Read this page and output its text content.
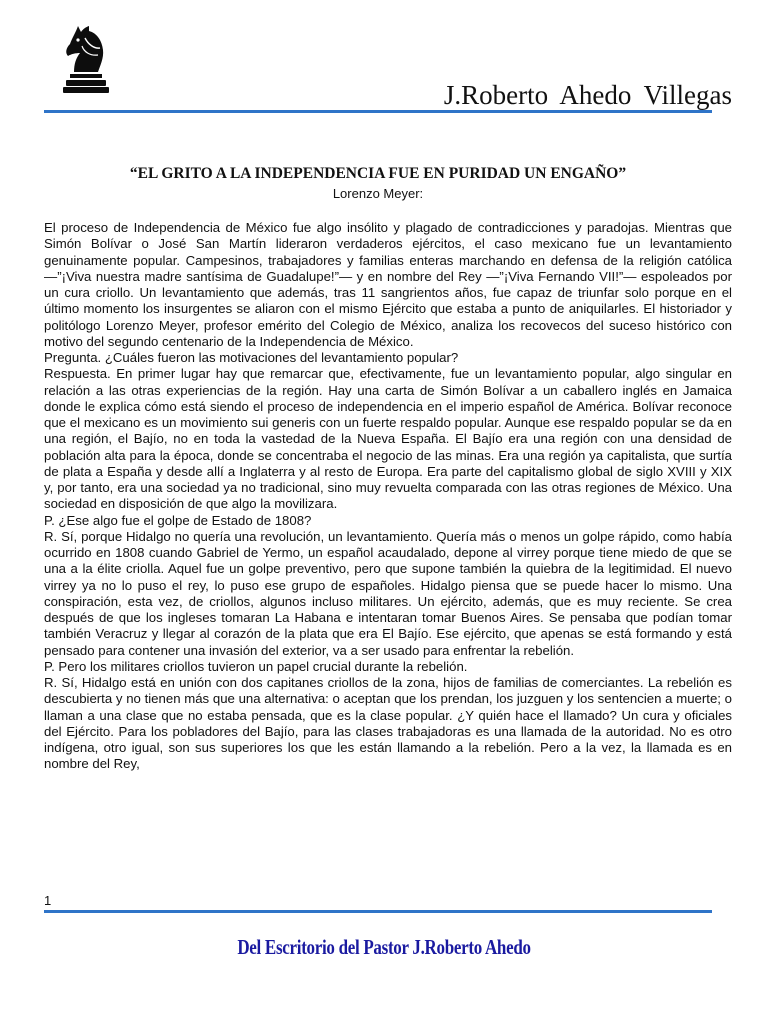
J.Roberto Ahedo Villegas
“EL GRITO A LA INDEPENDENCIA FUE EN PURIDAD UN ENGAÑO”
Lorenzo Meyer:

El proceso de Independencia de México fue algo insólito y plagado de contradicciones y paradojas. Mientras que Simón Bolívar o José San Martín lideraron verdaderos ejércitos, el caso mexicano fue un levantamiento genuinamente popular. Campesinos, trabajadores y familias enteras marchando en defensa de la religión católica —”¡Viva nuestra madre santísima de Guadalupe!”— y en nombre del Rey —”¡Viva Fernando VII!”— espoleados por un cura criollo. Un levantamiento que además, tras 11 sangrientos años, fue capaz de triunfar solo porque en el último momento los insurgentes se aliaron con el mismo Ejército que estaba a punto de aniquilarles. El historiador y politólogo Lorenzo Meyer, profesor emérito del Colegio de México, analiza los recovecos del suceso histórico con motivo del segundo centenario de la Independencia de México.

Pregunta. ¿Cuáles fueron las motivaciones del levantamiento popular?

Respuesta. En primer lugar hay que remarcar que, efectivamente, fue un levantamiento popular, algo singular en relación a las otras experiencias de la región. Hay una carta de Simón Bolívar a un caballero inglés en Jamaica donde le explica cómo está siendo el proceso de independencia en el imperio español de América. Bolívar reconoce que el mexicano es un movimiento sui generis con un fuerte respaldo popular. Aunque ese respaldo popular se da en una región, el Bajío, no en toda la vastedad de la Nueva España. El Bajío era una región con una densidad de población alta para la época, donde se concentraba el negocio de las minas. Era una región ya capitalista, que surtía de plata a España y desde allí a Inglaterra y al resto de Europa. Era parte del capitalismo global de siglo XVIII y XIX y, por tanto, era una sociedad ya no tradicional, sino muy revuelta comparada con las otras regiones de México. Una sociedad en disposición de que algo la movilizara.

P. ¿Ese algo fue el golpe de Estado de 1808?

R. Sí, porque Hidalgo no quería una revolución, un levantamiento. Quería más o menos un golpe rápido, como había ocurrido en 1808 cuando Gabriel de Yermo, un español acaudalado, depone al virrey porque tiene miedo de que se una a la élite criolla. Aquel fue un golpe preventivo, pero que supone también la quiebra de la legitimidad. El nuevo virrey ya no lo puso el rey, lo puso ese grupo de españoles. Hidalgo piensa que se puede hacer lo mismo. Una conspiración, esta vez, de criollos, algunos incluso militares. Un ejército, además, que es muy reciente. Se crea después de que los ingleses tomaran La Habana e intentaran tomar Buenos Aires. Se pensaba que podían tomar también Veracruz y llegar al corazón de la plata que era El Bajío. Ese ejército, que apenas se está formando y está pensado para contener una invasión del exterior, va a ser usado para enfrentar la rebelión.

P. Pero los militares criollos tuvieron un papel crucial durante la rebelión.

R. Sí, Hidalgo está en unión con dos capitanes criollos de la zona, hijos de familias de comerciantes. La rebelión es descubierta y no tienen más que una alternativa: o aceptan que los prendan, los juzguen y los sentencien a muerte; o llaman a una clase que no estaba pensada, que es la clase popular. ¿Y quién hace el llamado? Un cura y oficiales del Ejército. Para los pobladores del Bajío, para las clases trabajadoras es una llamada de la autoridad. No es otro indígena, otro igual, son sus superiores los que les están llamando a la rebelión. Pero a la vez, la llamada es en nombre del Rey,

1
Del Escritorio del Pastor J.Roberto Ahedo
